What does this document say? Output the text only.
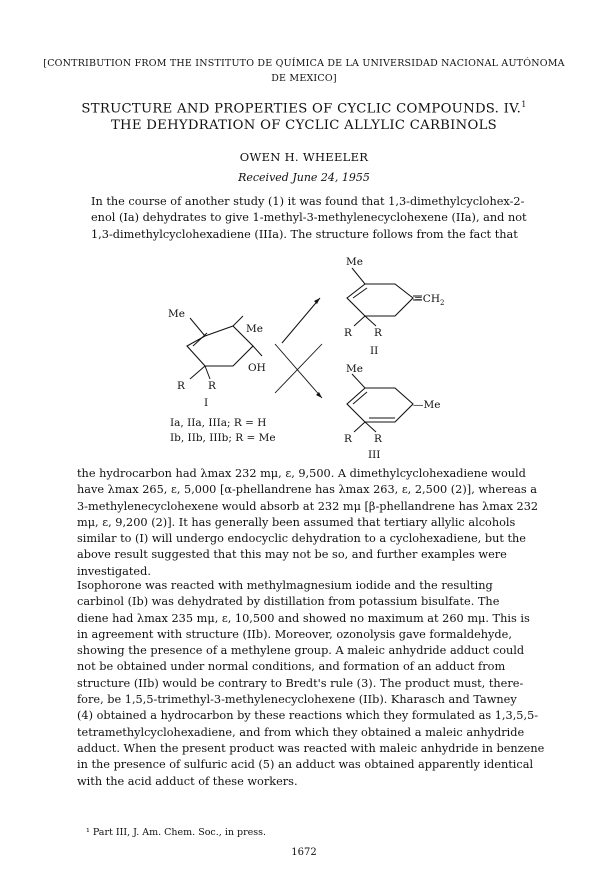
[CONTRIBUTION FROM THE INSTITUTO DE QUÍMICA DE LA UNIVERSIDAD NACIONAL AUTÓNOMA
DE MEXICO]
STRUCTURE AND PROPERTIES OF CYCLIC COMPOUNDS. IV.$^1$
THE DEHYDRATION OF CYCLIC ALLYLIC CARBINOLS
OWEN H. WHEELER
Received June 24, 1955
In the course of another study (1) it was found that 1,3-dimethylcyclohex-2-
enol (Ia) dehydrates to give 1-methyl-3-methylenecyclohexene (IIa), and not
1,3-dimethylcyclohexadiene (IIIa). The structure follows from the fact that
Me
Me
OH
R R
I
Me
$=CH_2$
R R
II
Me
—Me
R R
III
Ia, IIa, IIIa; R = H
Ib, IIb, IIIb; R = Me
the hydrocarbon had λmax 232 mμ, ε, 9,500. A dimethylcyclohexadiene would
have λmax 265, ε, 5,000 [α-phellandrene has λmax 263, ε, 2,500 (2)], whereas a
3-methylenecyclohexene would absorb at 232 mμ [β-phellandrene has λmax 232
mμ, ε, 9,200 (2)]. It has generally been assumed that tertiary allylic alcohols
similar to (I) will undergo endocyclic dehydration to a cyclohexadiene, but the
above result suggested that this may not be so, and further examples were
investigated.
Isophorone was reacted with methylmagnesium iodide and the resulting
carbinol (Ib) was dehydrated by distillation from potassium bisulfate. The
diene had λmax 235 mμ, ε, 10,500 and showed no maximum at 260 mμ. This is
in agreement with structure (IIb). Moreover, ozonolysis gave formaldehyde,
showing the presence of a methylene group. A maleic anhydride adduct could
not be obtained under normal conditions, and formation of an adduct from
structure (IIb) would be contrary to Bredt's rule (3). The product must, there-
fore, be 1,5,5-trimethyl-3-methylenecyclohexene (IIb). Kharasch and Tawney
(4) obtained a hydrocarbon by these reactions which they formulated as 1,3,5,5-
tetramethylcyclohexadiene, and from which they obtained a maleic anhydride
adduct. When the present product was reacted with maleic anhydride in benzene
in the presence of sulfuric acid (5) an adduct was obtained apparently identical
with the acid adduct of these workers.
¹ Part III, J. Am. Chem. Soc., in press.
1672
